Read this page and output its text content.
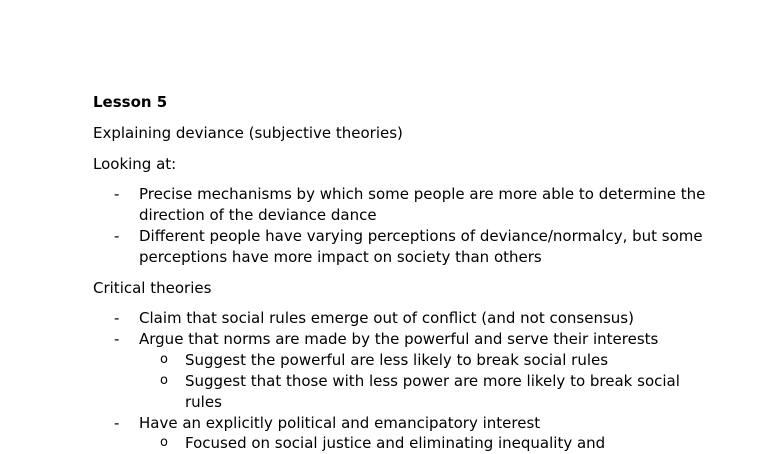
Lesson 5
Explaining deviance (subjective theories)
Looking at:
- Precise mechanisms by which some people are more able to determine the direction of the deviance dance
- Different people have varying perceptions of deviance/normalcy, but some perceptions have more impact on society than others
Critical theories
- Claim that social rules emerge out of conflict (and not consensus)
- Argue that norms are made by the powerful and serve their interests
o Suggest the powerful are less likely to break social rules
o Suggest that those with less power are more likely to break social rules
- Have an explicitly political and emancipatory interest
o Focused on social justice and eliminating inequality and
